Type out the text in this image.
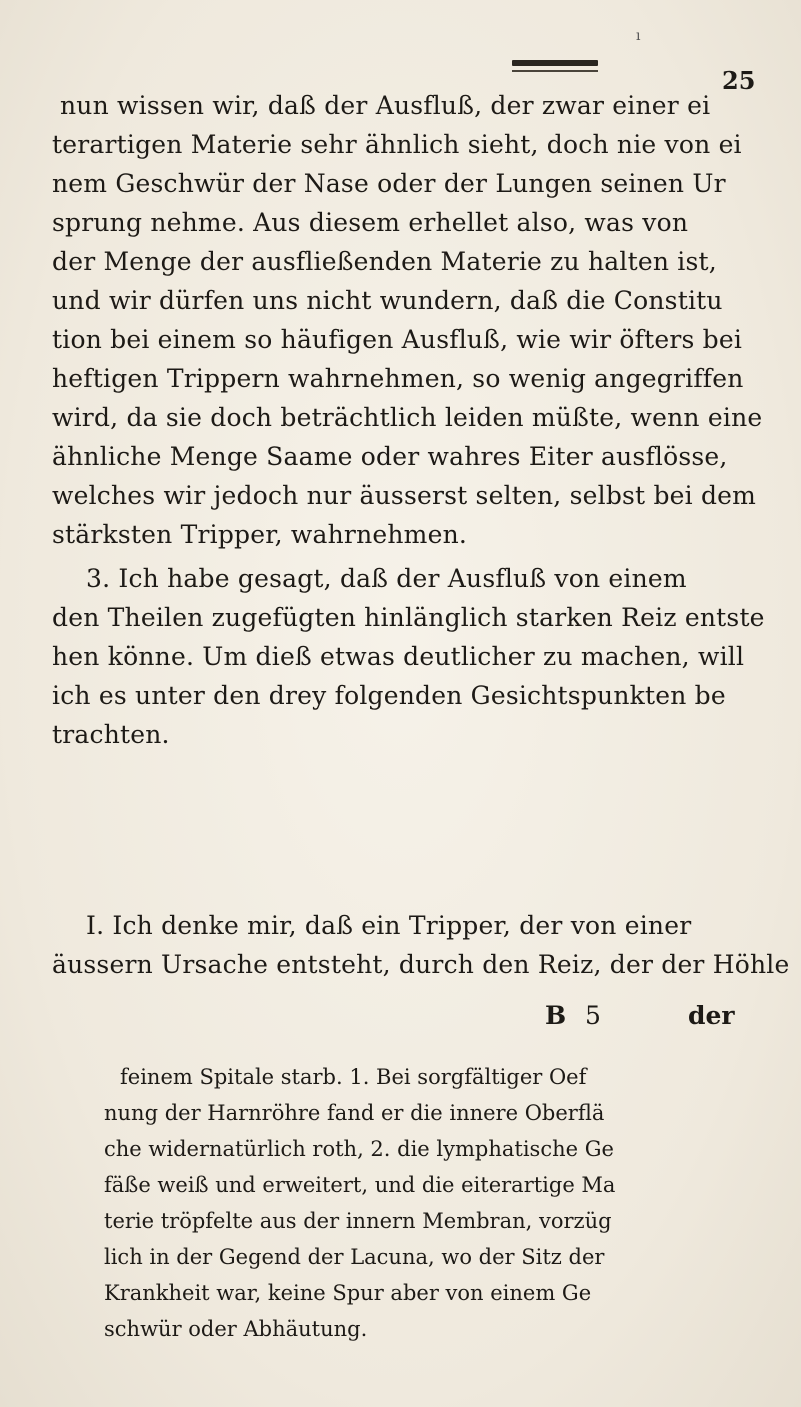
ı
25
nun wissen wir, daß der Ausfluß, der zwar einer ei
terartigen Materie sehr ähnlich sieht, doch nie von ei
nem Geschwür der Nase oder der Lungen seinen Ur
sprung nehme. Aus diesem erhellet also, was von
der Menge der ausfließenden Materie zu halten ist,
und wir dürfen uns nicht wundern, daß die Constitu
tion bei einem so häufigen Ausfluß, wie wir öfters bei
heftigen Trippern wahrnehmen, so wenig angegriffen
wird, da sie doch beträchtlich leiden müßte, wenn eine
ähnliche Menge Saame oder wahres Eiter ausflösse,
welches wir jedoch nur äusserst selten, selbst bei dem
stärksten Tripper, wahrnehmen.
3. Ich habe gesagt, daß der Ausfluß von einem
den Theilen zugefügten hinlänglich starken Reiz entste
hen könne. Um dieß etwas deutlicher zu machen, will
ich es unter den drey folgenden Gesichtspunkten be
trachten.
I. Ich denke mir, daß ein Tripper, der von einer
äussern Ursache entsteht, durch den Reiz, der der Höhle
B 5	der
feinem Spitale starb. 1. Bei sorgfältiger Oef
nung der Harnröhre fand er die innere Oberflä
che widernatürlich roth, 2. die lymphatische Ge
fäße weiß und erweitert, und die eiterartige Ma
terie tröpfelte aus der innern Membran, vorzüg
lich in der Gegend der Lacuna, wo der Sitz der
Krankheit war, keine Spur aber von einem Ge
schwür oder Abhäutung.
